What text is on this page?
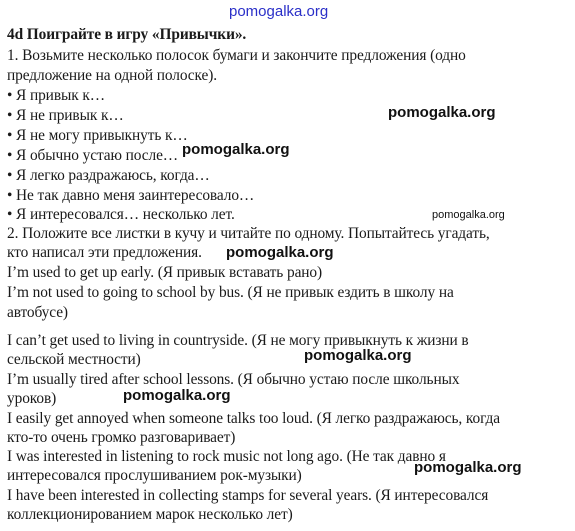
pomogalka.org
pomogalka.org
pomogalka.org
pomogalka.org
pomogalka.org
pomogalka.org
pomogalka.org
pomogalka.org
4d Поиграйте в игру «Привычки».
1. Возьмите несколько полосок бумаги и закончите предложения (одно
предложение на одной полоске).
• Я привык к…
• Я не привык к…
• Я не могу привыкнуть к…
• Я обычно устаю после…
• Я легко раздражаюсь, когда…
• Не так давно меня заинтересовало…
• Я интересовался… несколько лет.
2. Положите все листки в кучу и читайте по одному. Попытайтесь угадать,
кто написал эти предложения.
I’m used to get up early. (Я привык вставать рано)
I’m not used to going to school by bus. (Я не привык ездить в школу на
автобусе)
I can’t get used to living in countryside. (Я не могу привыкнуть к жизни в
сельской местности)
I’m usually tired after school lessons. (Я обычно устаю после школьных
уроков)
I easily get annoyed when someone talks too loud. (Я легко раздражаюсь, когда
кто-то очень громко разговаривает)
I was interested in listening to rock music not long ago. (Не так давно я
интересовался прослушиванием рок-музыки)
I have been interested in collecting stamps for several years. (Я интересовался
коллекционированием марок несколько лет)
